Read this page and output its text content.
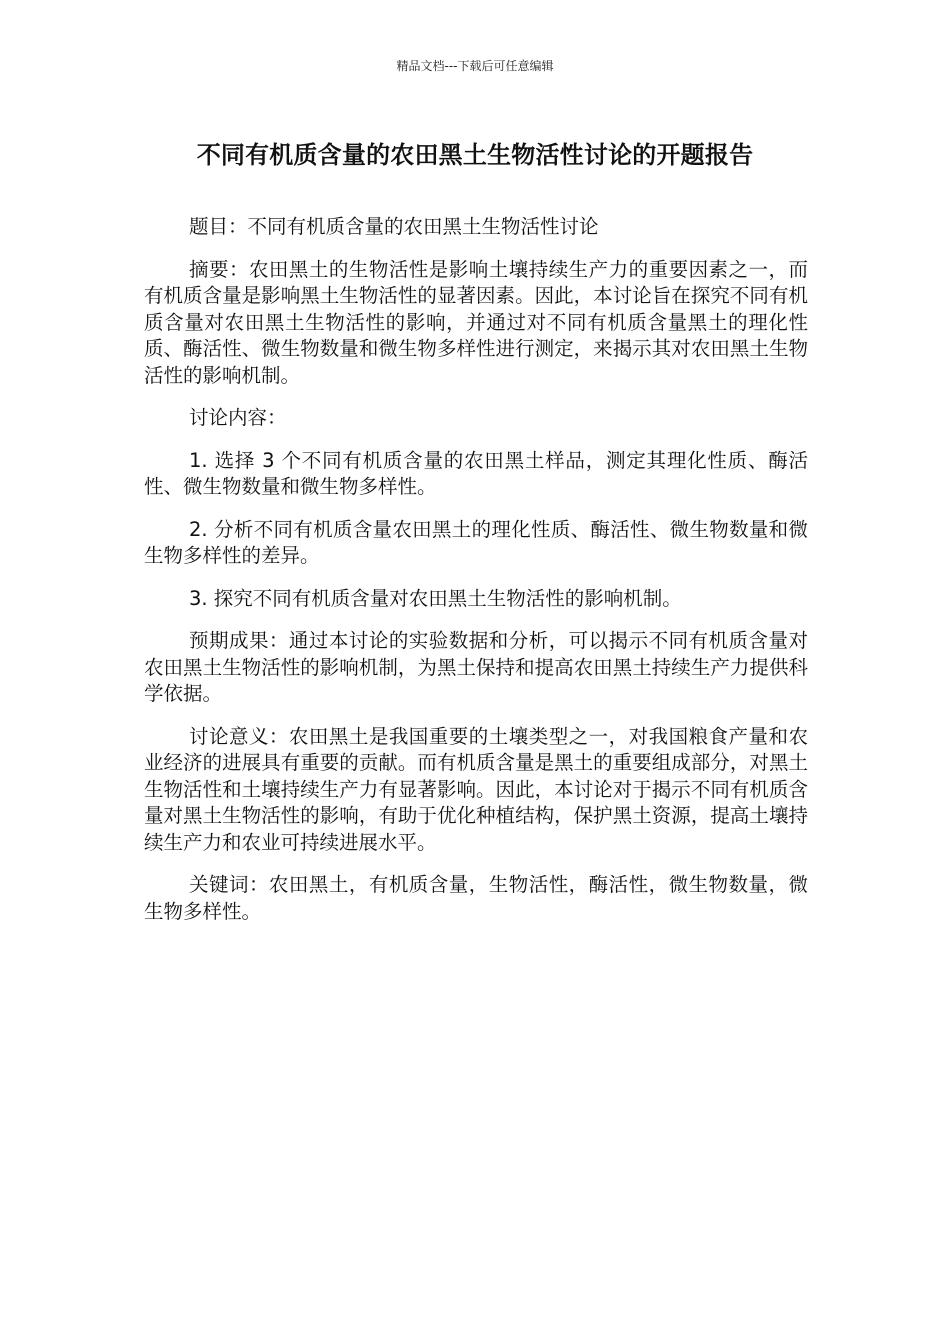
精品文档---下载后可任意编辑
不同有机质含量的农田黑土生物活性讨论的开题报告

题目：不同有机质含量的农田黑土生物活性讨论

摘要：农田黑土的生物活性是影响土壤持续生产力的重要因素之一，而有机质含量是影响黑土生物活性的显著因素。因此，本讨论旨在探究不同有机质含量对农田黑土生物活性的影响，并通过对不同有机质含量黑土的理化性质、酶活性、微生物数量和微生物多样性进行测定，来揭示其对农田黑土生物活性的影响机制。

讨论内容：

1. 选择 3 个不同有机质含量的农田黑土样品，测定其理化性质、酶活性、微生物数量和微生物多样性。

2. 分析不同有机质含量农田黑土的理化性质、酶活性、微生物数量和微生物多样性的差异。

3. 探究不同有机质含量对农田黑土生物活性的影响机制。

预期成果：通过本讨论的实验数据和分析，可以揭示不同有机质含量对农田黑土生物活性的影响机制，为黑土保持和提高农田黑土持续生产力提供科学依据。

讨论意义：农田黑土是我国重要的土壤类型之一，对我国粮食产量和农业经济的进展具有重要的贡献。而有机质含量是黑土的重要组成部分，对黑土生物活性和土壤持续生产力有显著影响。因此，本讨论对于揭示不同有机质含量对黑土生物活性的影响，有助于优化种植结构，保护黑土资源，提高土壤持续生产力和农业可持续进展水平。

关键词：农田黑土，有机质含量，生物活性，酶活性，微生物数量，微生物多样性。
